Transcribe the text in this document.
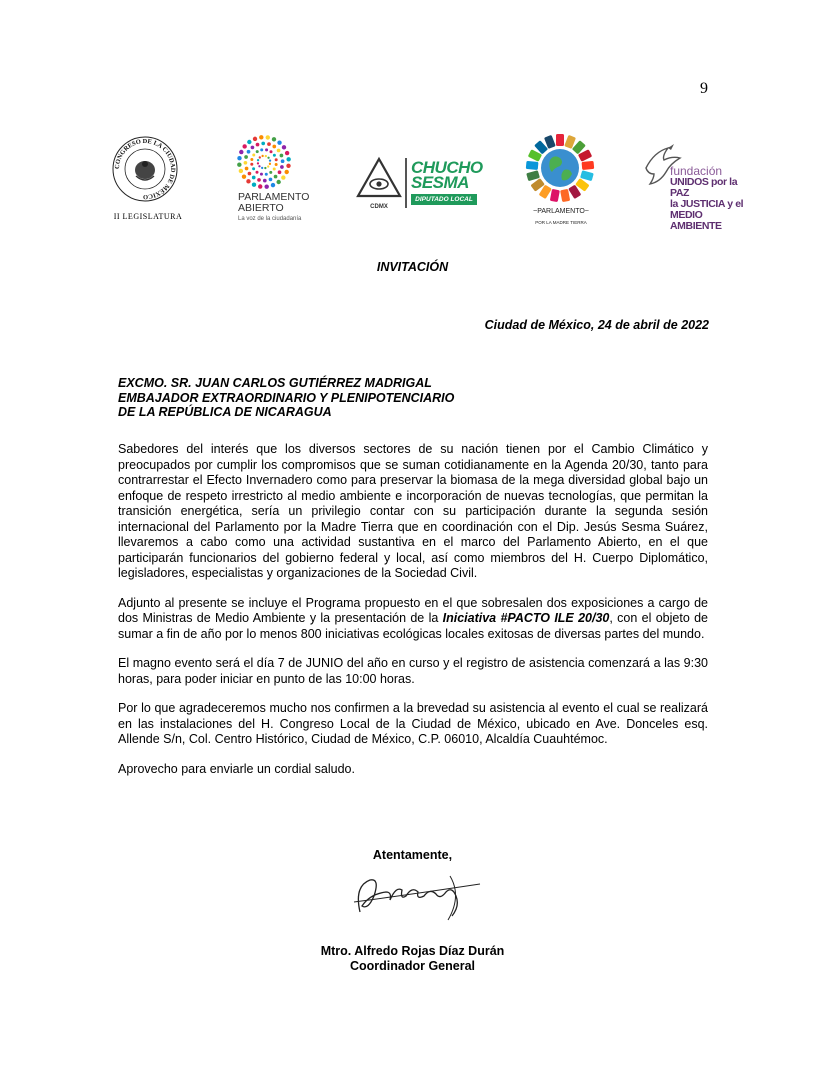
9
CONGRESO DE LA CIUDAD DE MÉXICO
II LEGISLATURA
PARLAMENTO
ABIERTO
La voz de la ciudadanía
CDMX
CHUCHO
SESMA
DIPUTADO LOCAL
~PARLAMENTO~
POR LA MADRE TIERRA
fundación
UNIDOS por la PAZ
la JUSTICIA y el
MEDIO AMBIENTE
INVITACIÓN
Ciudad de México, 24 de abril de 2022
EXCMO. SR. JUAN CARLOS GUTIÉRREZ MADRIGAL
EMBAJADOR EXTRAORDINARIO Y PLENIPOTENCIARIO
DE LA REPÚBLICA DE NICARAGUA

Sabedores del interés que los diversos sectores de su nación tienen por el Cambio Climático y preocupados por cumplir los compromisos que se suman cotidianamente en la Agenda 20/30, tanto para contrarrestar el Efecto Invernadero como para preservar la biomasa de la mega diversidad global bajo un enfoque de respeto irrestricto al medio ambiente e incorporación de nuevas tecnologías, que permitan la transición energética, sería un privilegio contar con su participación durante la segunda sesión internacional del Parlamento por la Madre Tierra que en coordinación con el Dip. Jesús Sesma Suárez, llevaremos a cabo como una actividad sustantiva en el marco del Parlamento Abierto, en el que participarán funcionarios del gobierno federal y local, así como miembros del H. Cuerpo Diplomático, legisladores, especialistas y organizaciones de la Sociedad Civil.

Adjunto al presente se incluye el Programa propuesto en el que sobresalen dos exposiciones a cargo de dos Ministras de Medio Ambiente y la presentación de la Iniciativa #PACTO ILE 20/30, con el objeto de sumar a fin de año por lo menos 800 iniciativas ecológicas locales exitosas de diversas partes del mundo.

El magno evento será el día 7 de JUNIO del año en curso y el registro de asistencia comenzará a las 9:30 horas, para poder iniciar en punto de las 10:00 horas.

Por lo que agradeceremos mucho nos confirmen a la brevedad su asistencia al evento el cual se realizará en las instalaciones del H. Congreso Local de la Ciudad de México, ubicado en Ave. Donceles esq. Allende S/n, Col. Centro Histórico, Ciudad de México, C.P. 06010, Alcaldía Cuauhtémoc.

Aprovecho para enviarle un cordial saludo.

Atentamente,
Mtro. Alfredo Rojas Díaz Durán
Coordinador General
